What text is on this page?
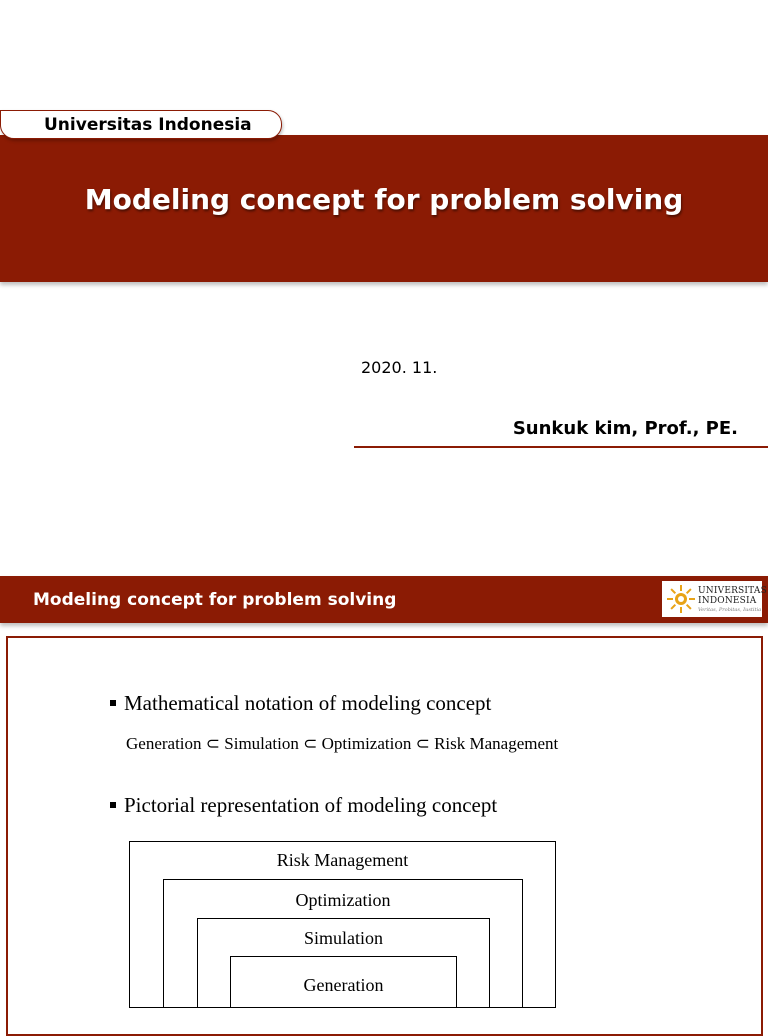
Modeling concept for problem solving
Universitas Indonesia
2020. 11.
Sunkuk kim, Prof., PE.
Modeling concept for problem solving	UNIVERSITAS
INDONESIA
Veritas, Probitas, Iustitia
Mathematical notation of modeling concept
Generation ⊂ Simulation ⊂ Optimization ⊂ Risk Management
Pictorial representation of modeling concept
Risk Management
Optimization
Simulation
Generation
